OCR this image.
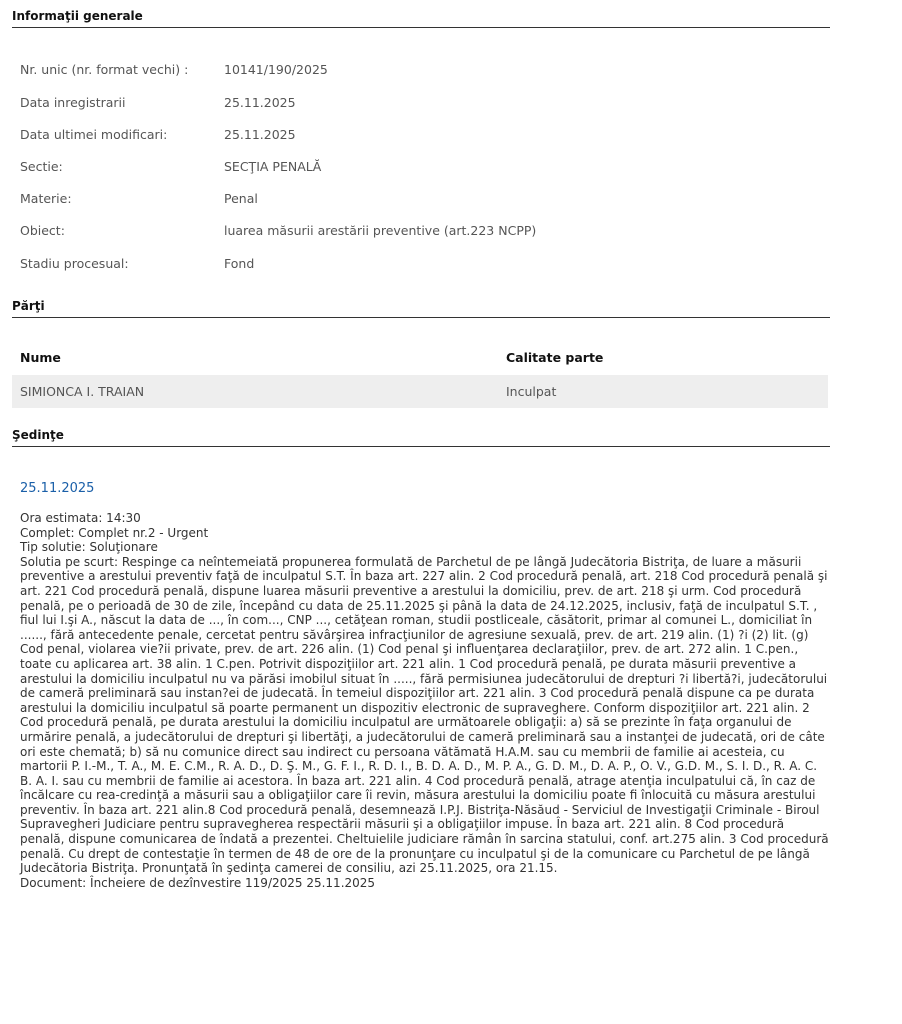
Informaţii generale
Nr. unic (nr. format vechi) :	10141/190/2025
Data inregistrarii	25.11.2025
Data ultimei modificari:	25.11.2025
Sectie:	SECŢIA PENALĂ
Materie:	Penal
Obiect:	luarea măsurii arestării preventive (art.223 NCPP)
Stadiu procesual:	Fond
Părţi
Nume	Calitate parte
SIMIONCA I. TRAIAN	Inculpat
Şedinţe
25.11.2025
Ora estimata: 14:30
Complet: Complet nr.2 - Urgent
Tip solutie: Soluţionare
Solutia pe scurt: Respinge ca neîntemeiată propunerea formulată de Parchetul de pe lângă Judecătoria Bistriţa, de luare a măsurii preventive a arestului preventiv faţă de inculpatul S.T. În baza art. 227 alin. 2 Cod procedură penală, art. 218 Cod procedură penală şi art. 221 Cod procedură penală, dispune luarea măsurii preventive a arestului la domiciliu, prev. de art. 218 şi urm. Cod procedură penală, pe o perioadă de 30 de zile, începând cu data de 25.11.2025 şi până la data de 24.12.2025, inclusiv, faţă de inculpatul S.T. , fiul lui I.şi A., născut la data de ..., în com..., CNP ..., cetăţean roman, studii postliceale, căsătorit, primar al comunei L., domiciliat în ......, fără antecedente penale, cercetat pentru săvârşirea infracţiunilor de agresiune sexuală, prev. de art. 219 alin. (1) ?i (2) lit. (g) Cod penal, violarea vie?ii private, prev. de art. 226 alin. (1) Cod penal şi influenţarea declaraţiilor, prev. de art. 272 alin. 1 C.pen., toate cu aplicarea art. 38 alin. 1 C.pen. Potrivit dispoziţiilor art. 221 alin. 1 Cod procedură penală, pe durata măsurii preventive a arestului la domiciliu inculpatul nu va părăsi imobilul situat în ....., fără permisiunea judecătorului de drepturi ?i libertă?i, judecătorului de cameră preliminară sau instan?ei de judecată. În temeiul dispoziţiilor art. 221 alin. 3 Cod procedură penală dispune ca pe durata arestului la domiciliu inculpatul să poarte permanent un dispozitiv electronic de supraveghere. Conform dispoziţiilor art. 221 alin. 2 Cod procedură penală, pe durata arestului la domiciliu inculpatul are următoarele obligaţii: a) să se prezinte în faţa organului de urmărire penală, a judecătorului de drepturi şi libertăţi, a judecătorului de cameră preliminară sau a instanţei de judecată, ori de câte ori este chemată; b) să nu comunice direct sau indirect cu persoana vătămată H.A.M. sau cu membrii de familie ai acesteia, cu martorii P. I.-M., T. A., M. E. C.M., R. A. D., D. Ş. M., G. F. I., R. D. I., B. D. A. D., M. P. A., G. D. M., D. A. P., O. V., G.D. M., S. I. D., R. A. C. B. A. I. sau cu membrii de familie ai acestora. În baza art. 221 alin. 4 Cod procedură penală, atrage atenţia inculpatului că, în caz de încălcare cu rea-credinţă a măsurii sau a obligaţiilor care îi revin, măsura arestului la domiciliu poate fi înlocuită cu măsura arestului preventiv. În baza art. 221 alin.8 Cod procedură penală, desemnează I.P.J. Bistriţa-Năsăud - Serviciul de Investigaţii Criminale - Biroul Supravegheri Judiciare pentru supravegherea respectării măsurii şi a obligaţiilor impuse. În baza art. 221 alin. 8 Cod procedură penală, dispune comunicarea de îndată a prezentei. Cheltuielile judiciare rămân în sarcina statului, conf. art.275 alin. 3 Cod procedură penală. Cu drept de contestaţie în termen de 48 de ore de la pronunţare cu inculpatul şi de la comunicare cu Parchetul de pe lângă Judecătoria Bistriţa. Pronunţată în şedinţa camerei de consiliu, azi 25.11.2025, ora 21.15.
Document: Încheiere de dezînvestire 119/2025 25.11.2025
